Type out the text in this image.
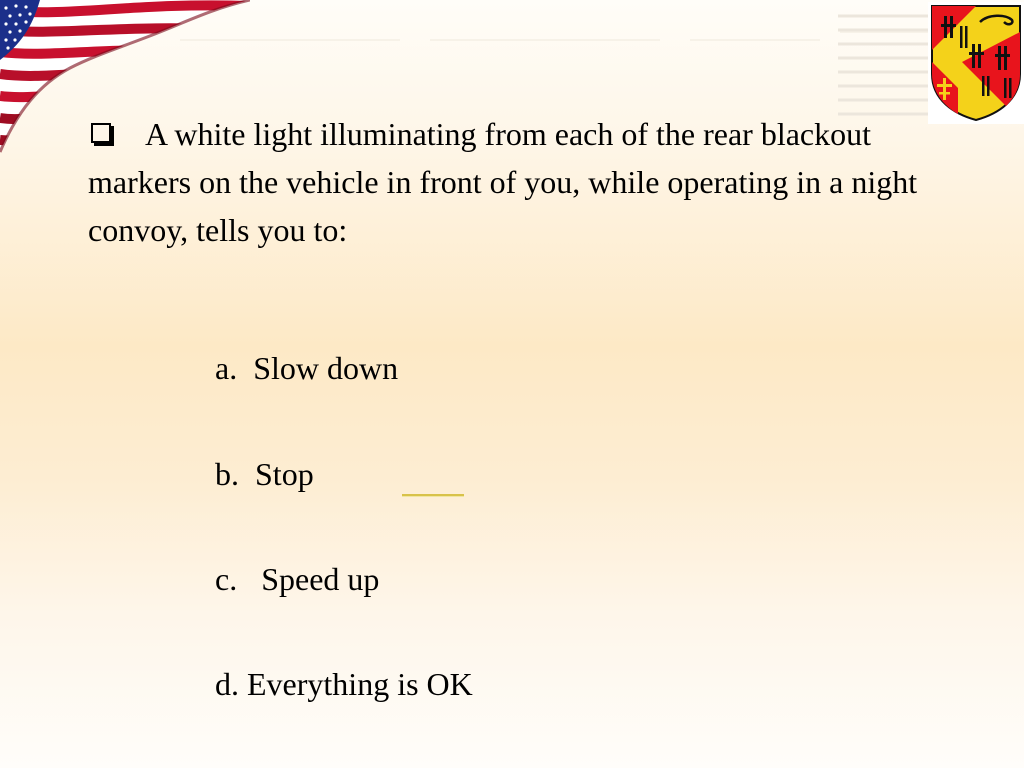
A white light illuminating from each of the rear blackout markers on the vehicle in front of you, while operating in a night convoy, tells you to:

a.  Slow down

b.  Stop

c.   Speed up

d. Everything is OK
